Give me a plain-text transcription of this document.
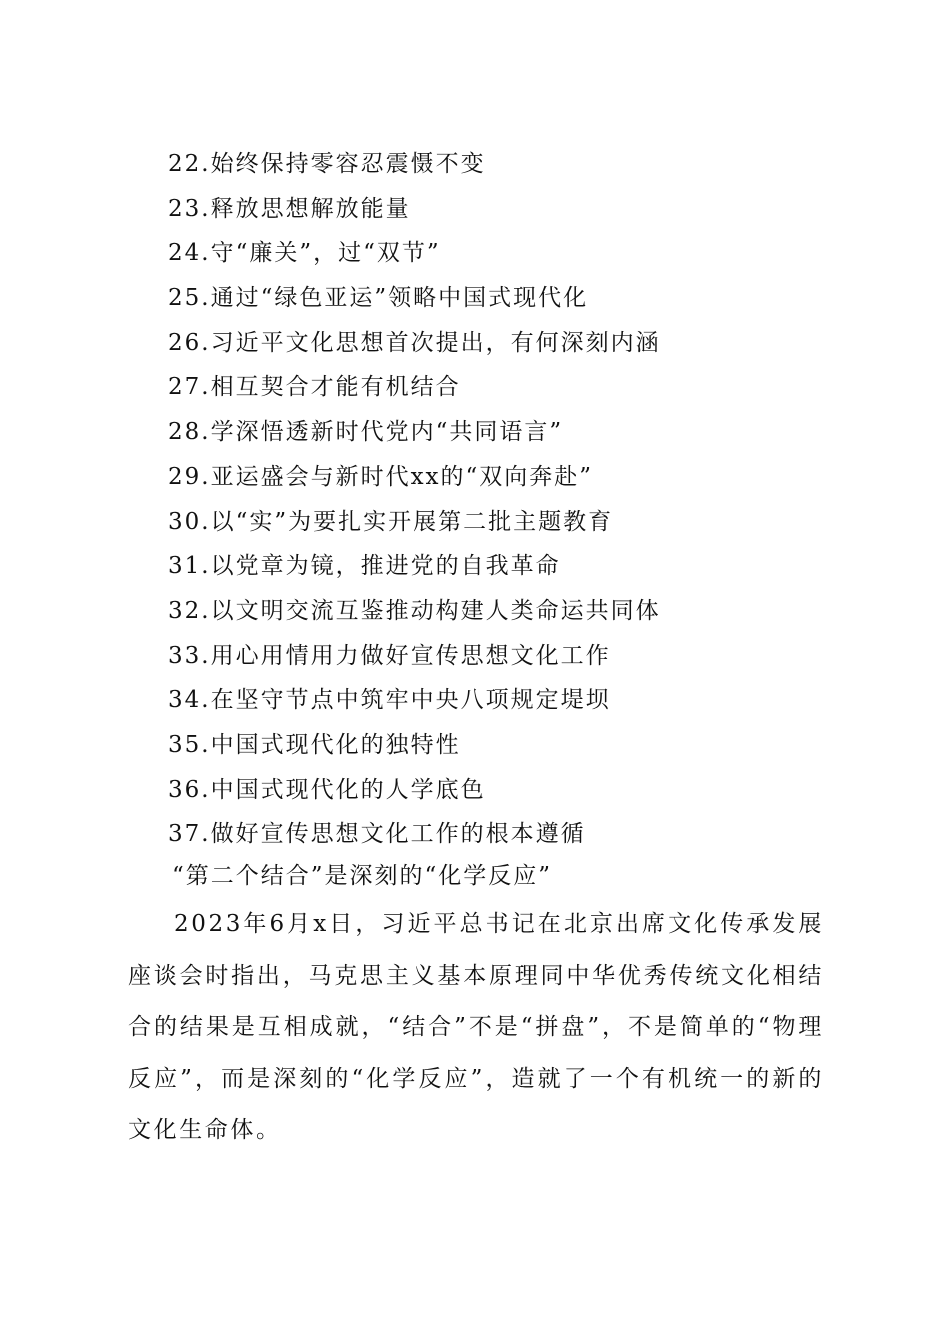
22.始终保持零容忍震慑不变
23.释放思想解放能量
24.守“廉关”，过“双节”
25.通过“绿色亚运”领略中国式现代化
26.习近平文化思想首次提出，有何深刻内涵
27.相互契合才能有机结合
28.学深悟透新时代党内“共同语言”
29.亚运盛会与新时代xx的“双向奔赴”
30.以“实”为要扎实开展第二批主题教育
31.以党章为镜，推进党的自我革命
32.以文明交流互鉴推动构建人类命运共同体
33.用心用情用力做好宣传思想文化工作
34.在坚守节点中筑牢中央八项规定堤坝
35.中国式现代化的独特性
36.中国式现代化的人学底色
37.做好宣传思想文化工作的根本遵循
“第二个结合”是深刻的“化学反应”

2023年6月x日，习近平总书记在北京出席文化传承发展座谈会时指出，马克思主义基本原理同中华优秀传统文化相结合的结果是互相成就，“结合”不是“拼盘”，不是简单的“物理反应”，而是深刻的“化学反应”，造就了一个有机统一的新的文化生命体。
